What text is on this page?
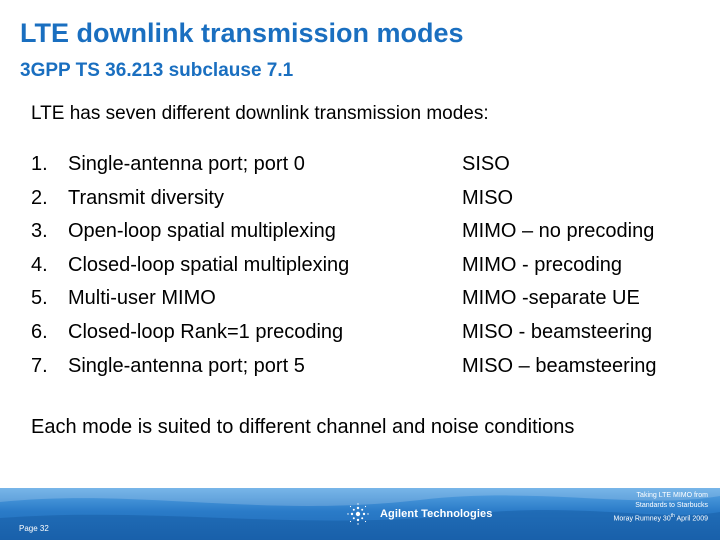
LTE downlink transmission modes
3GPP TS 36.213 subclause 7.1
LTE has seven different downlink transmission modes:
1.	Single-antenna port; port 0	SISO
2.	Transmit diversity	MISO
3.	Open-loop spatial multiplexing	MIMO – no precoding
4.	Closed-loop spatial multiplexing	MIMO - precoding
5.	Multi-user MIMO	MIMO -separate UE
6.	Closed-loop Rank=1 precoding	MISO - beamsteering
7.	Single-antenna port; port 5	MISO – beamsteering
Each mode is suited to different channel and noise conditions
Page 32
Agilent Technologies
Taking LTE MIMO from
Standards to Starbucks
Moray Rumney 30th April 2009
